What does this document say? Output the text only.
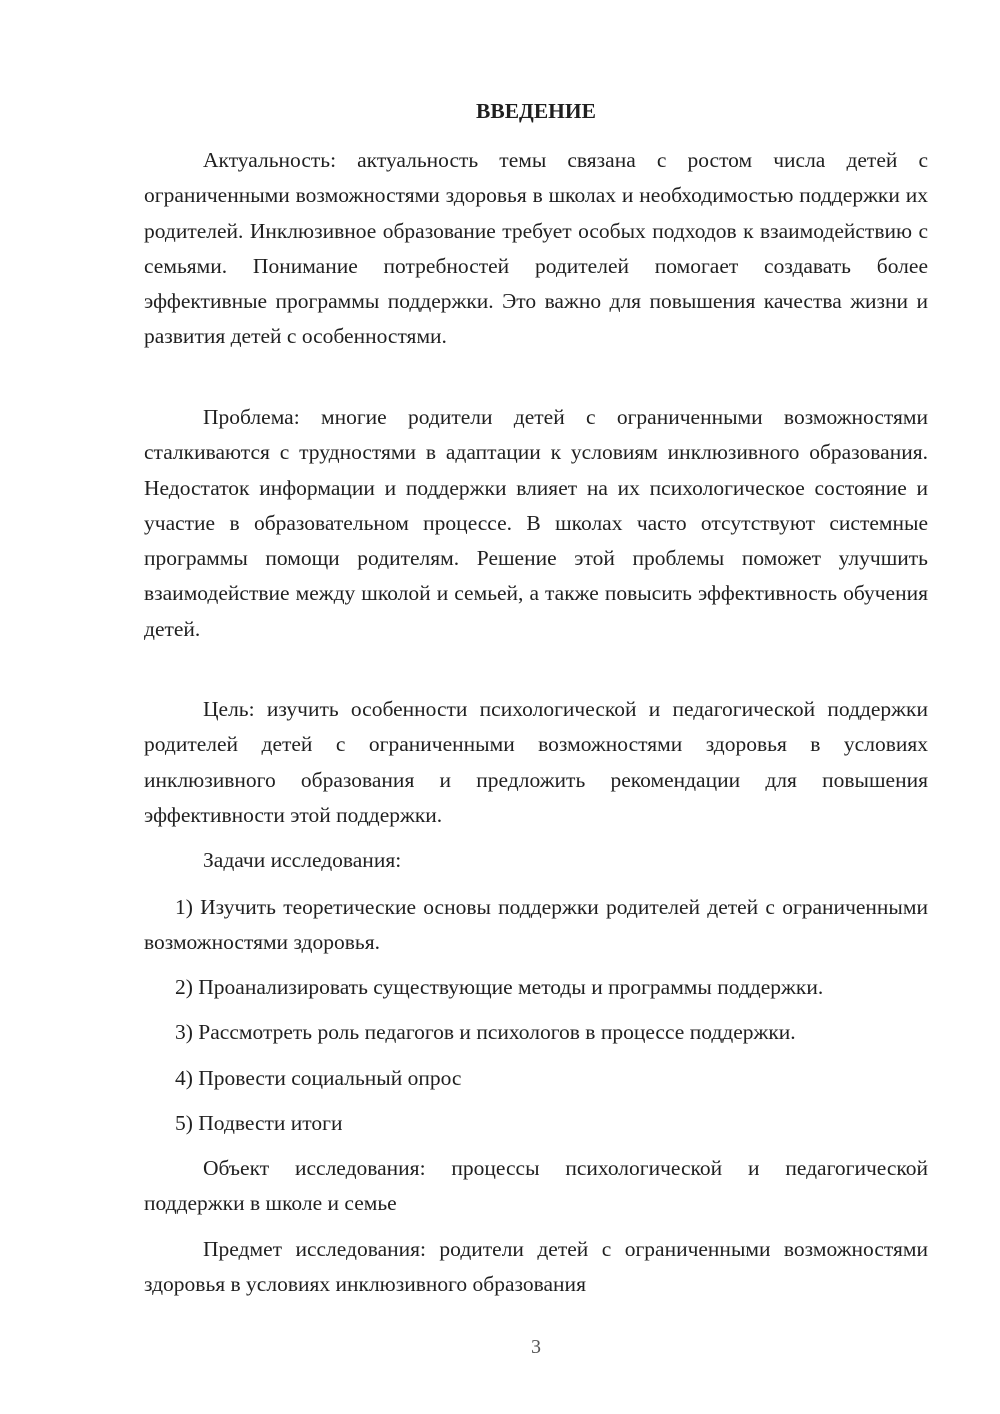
ВВЕДЕНИЕ

Актуальность: актуальность темы связана с ростом числа детей с ограниченными возможностями здоровья в школах и необходимостью поддержки их родителей. Инклюзивное образование требует особых подходов к взаимодействию с семьями. Понимание потребностей родителей помогает создавать более эффективные программы поддержки. Это важно для повышения качества жизни и развития детей с особенностями.

Проблема: многие родители детей с ограниченными возможностями сталкиваются с трудностями в адаптации к условиям инклюзивного образования. Недостаток информации и поддержки влияет на их психологическое состояние и участие в образовательном процессе. В школах часто отсутствуют системные программы помощи родителям. Решение этой проблемы поможет улучшить взаимодействие между школой и семьей, а также повысить эффективность обучения детей.

Цель: изучить особенности психологической и педагогической поддержки родителей детей с ограниченными возможностями здоровья в условиях инклюзивного образования и предложить рекомендации для повышения эффективности этой поддержки.

Задачи исследования:

1) Изучить теоретические основы поддержки родителей детей с ограниченными возможностями здоровья.

2) Проанализировать существующие методы и программы поддержки.

3) Рассмотреть роль педагогов и психологов в процессе поддержки.

4) Провести социальный опрос

5) Подвести итоги

Объект исследования: процессы психологической и педагогической поддержки в школе и семье

Предмет исследования: родители детей с ограниченными возможностями здоровья в условиях инклюзивного образования

3
